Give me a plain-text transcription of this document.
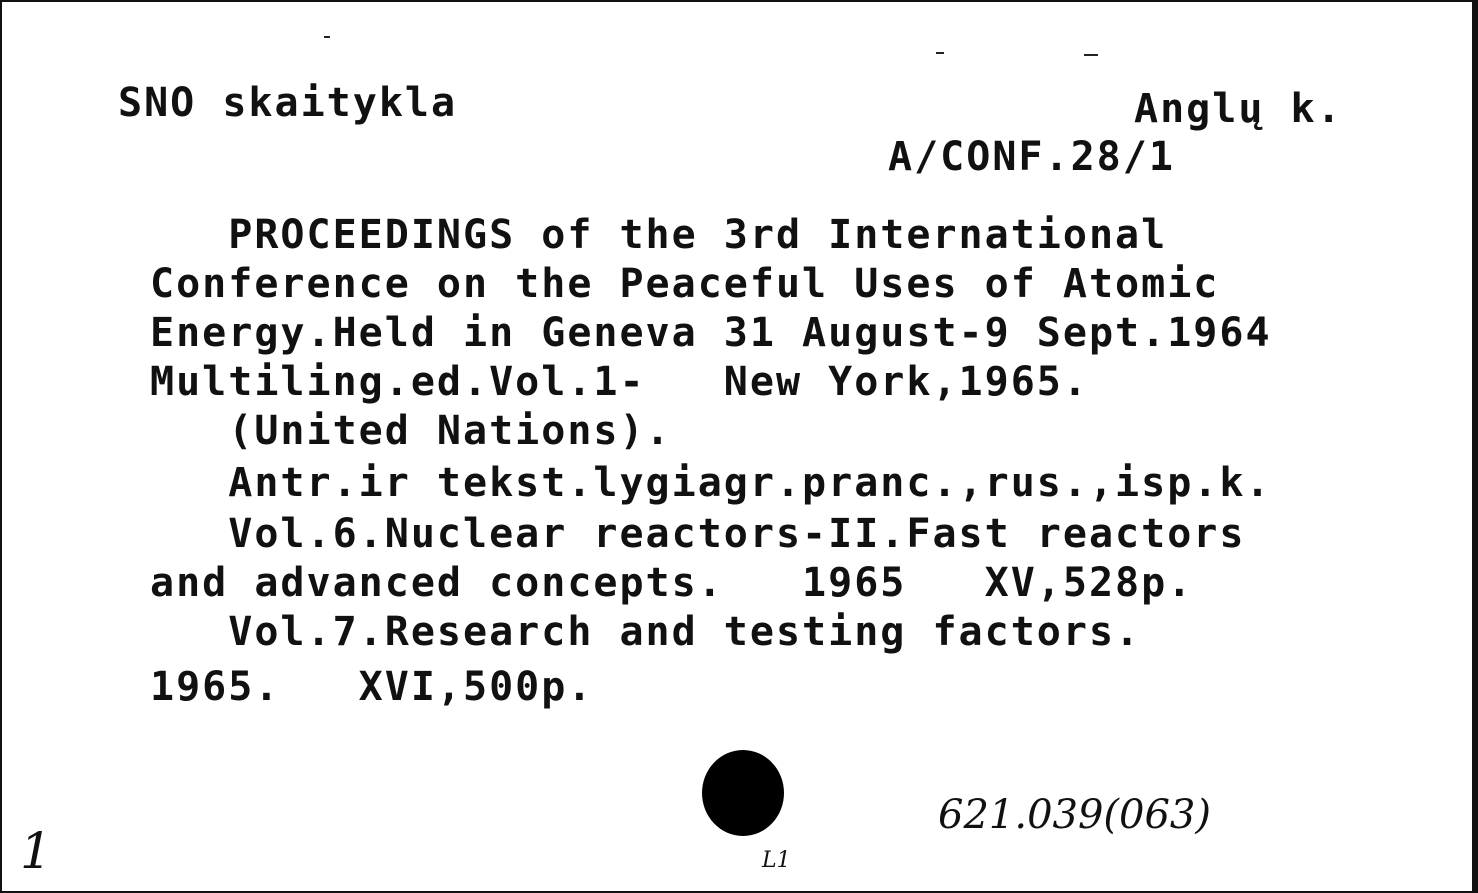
SNO skaitykla	Anglų k.
A/CONF.28/1
PROCEEDINGS of the 3rd International
Conference on the Peaceful Uses of Atomic
Energy.Held in Geneva 31 August-9 Sept.1964
Multiling.ed.Vol.1-   New York,1965.
(United Nations).
Antr.ir tekst.lygiagr.pranc.,rus.,isp.k.
Vol.6.Nuclear reactors-II.Fast reactors
and advanced concepts.   1965   XV,528p.
Vol.7.Research and testing factors.
1965.   XVI,500p.
621.039(063)
1	L1
